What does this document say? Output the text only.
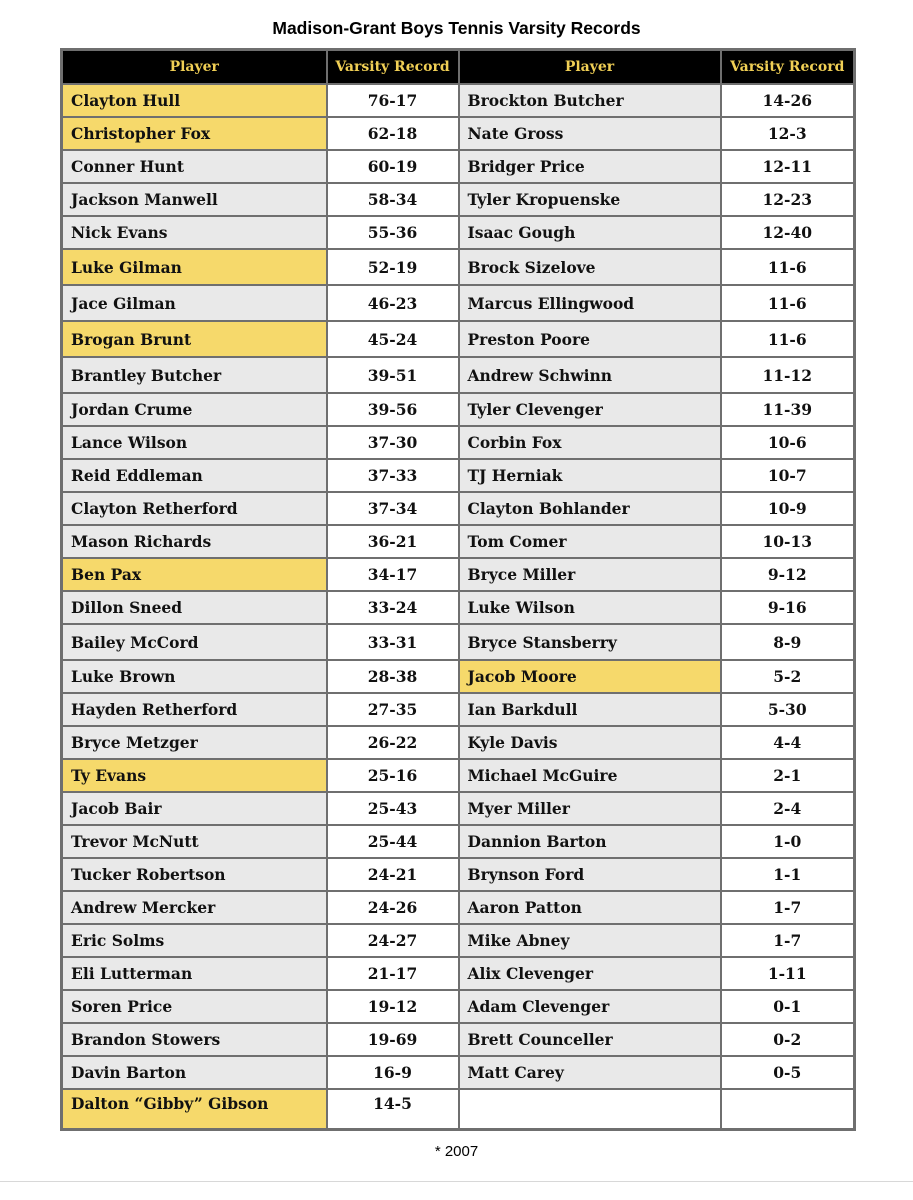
Madison-Grant Boys Tennis Varsity Records
Player	Varsity Record	Player	Varsity Record
Clayton Hull	76-17	Brockton Butcher	14-26
Christopher Fox	62-18	Nate Gross	12-3
Conner Hunt	60-19	Bridger Price	12-11
Jackson Manwell	58-34	Tyler Kropuenske	12-23
Nick Evans	55-36	Isaac Gough	12-40
Luke Gilman	52-19	Brock Sizelove	11-6
Jace Gilman	46-23	Marcus Ellingwood	11-6
Brogan Brunt	45-24	Preston Poore	11-6
Brantley Butcher	39-51	Andrew Schwinn	11-12
Jordan Crume	39-56	Tyler Clevenger	11-39
Lance Wilson	37-30	Corbin Fox	10-6
Reid Eddleman	37-33	TJ Herniak	10-7
Clayton Retherford	37-34	Clayton Bohlander	10-9
Mason Richards	36-21	Tom Comer	10-13
Ben Pax	34-17	Bryce Miller	9-12
Dillon Sneed	33-24	Luke Wilson	9-16
Bailey McCord	33-31	Bryce Stansberry	8-9
Luke Brown	28-38	Jacob Moore	5-2
Hayden Retherford	27-35	Ian Barkdull	5-30
Bryce Metzger	26-22	Kyle Davis	4-4
Ty Evans	25-16	Michael McGuire	2-1
Jacob Bair	25-43	Myer Miller	2-4
Trevor McNutt	25-44	Dannion Barton	1-0
Tucker Robertson	24-21	Brynson Ford	1-1
Andrew Mercker	24-26	Aaron Patton	1-7
Eric Solms	24-27	Mike Abney	1-7
Eli Lutterman	21-17	Alix Clevenger	1-11
Soren Price	19-12	Adam Clevenger	0-1
Brandon Stowers	19-69	Brett Counceller	0-2
Davin Barton	16-9	Matt Carey	0-5
Dalton “Gibby” Gibson	14-5		
* 2007
